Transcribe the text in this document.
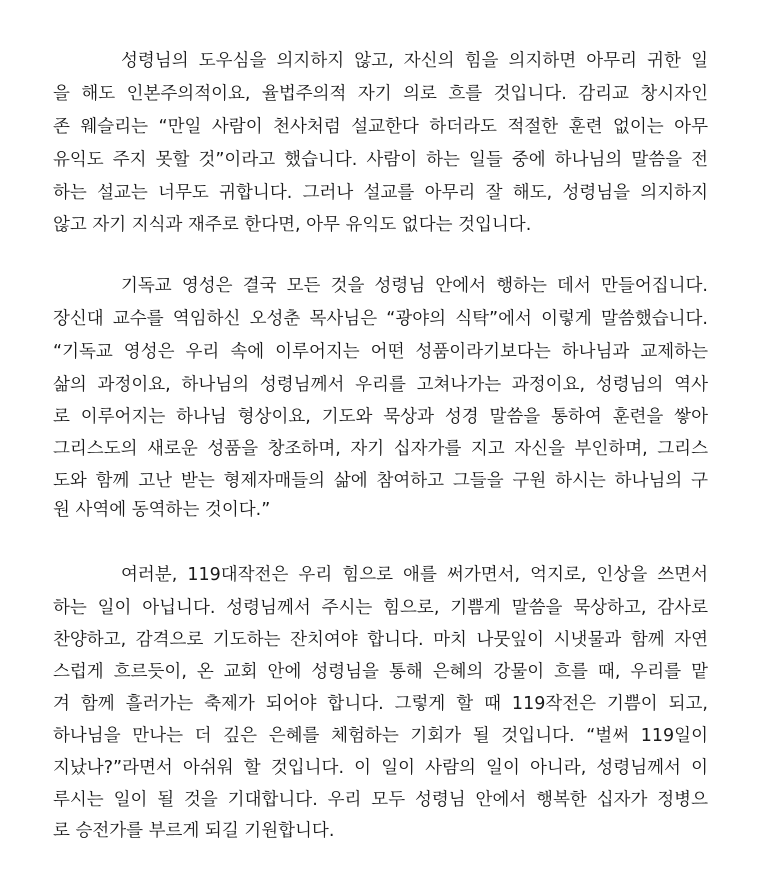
성령님의 도우심을 의지하지 않고, 자신의 힘을 의지하면 아무리 귀한 일

을 해도 인본주의적이요, 율법주의적 자기 의로 흐를 것입니다. 감리교 창시자인

존 웨슬리는 “만일 사람이 천사처럼 설교한다 하더라도 적절한 훈련 없이는 아무

유익도 주지 못할 것”이라고 했습니다. 사람이 하는 일들 중에 하나님의 말씀을 전

하는 설교는 너무도 귀합니다. 그러나 설교를 아무리 잘 해도, 성령님을 의지하지

않고 자기 지식과 재주로 한다면, 아무 유익도 없다는 것입니다.

기독교 영성은 결국 모든 것을 성령님 안에서 행하는 데서 만들어집니다.

장신대 교수를 역임하신 오성춘 목사님은 “광야의 식탁”에서 이렇게 말씀했습니다.

“기독교 영성은 우리 속에 이루어지는 어떤 성품이라기보다는 하나님과 교제하는

삶의 과정이요, 하나님의 성령님께서 우리를 고쳐나가는 과정이요, 성령님의 역사

로 이루어지는 하나님 형상이요, 기도와 묵상과 성경 말씀을 통하여 훈련을 쌓아

그리스도의 새로운 성품을 창조하며, 자기 십자가를 지고 자신을 부인하며, 그리스

도와 함께 고난 받는 형제자매들의 삶에 참여하고 그들을 구원 하시는 하나님의 구

원 사역에 동역하는 것이다.”

여러분, 119대작전은 우리 힘으로 애를 써가면서, 억지로, 인상을 쓰면서

하는 일이 아닙니다. 성령님께서 주시는 힘으로, 기쁨게 말씀을 묵상하고, 감사로

찬양하고, 감격으로 기도하는 잔치여야 합니다. 마치 나뭇잎이 시냇물과 함께 자연

스럽게 흐르듯이, 온 교회 안에 성령님을 통해 은혜의 강물이 흐를 때, 우리를 맡

겨 함께 흘러가는 축제가 되어야 합니다. 그렇게 할 때 119작전은 기쁨이 되고,

하나님을 만나는 더 깊은 은혜를 체험하는 기회가 될 것입니다. “벌써 119일이

지났나?”라면서 아쉬워 할 것입니다. 이 일이 사람의 일이 아니라, 성령님께서 이

루시는 일이 될 것을 기대합니다. 우리 모두 성령님 안에서 행복한 십자가 정병으

로 승전가를 부르게 되길 기원합니다.
